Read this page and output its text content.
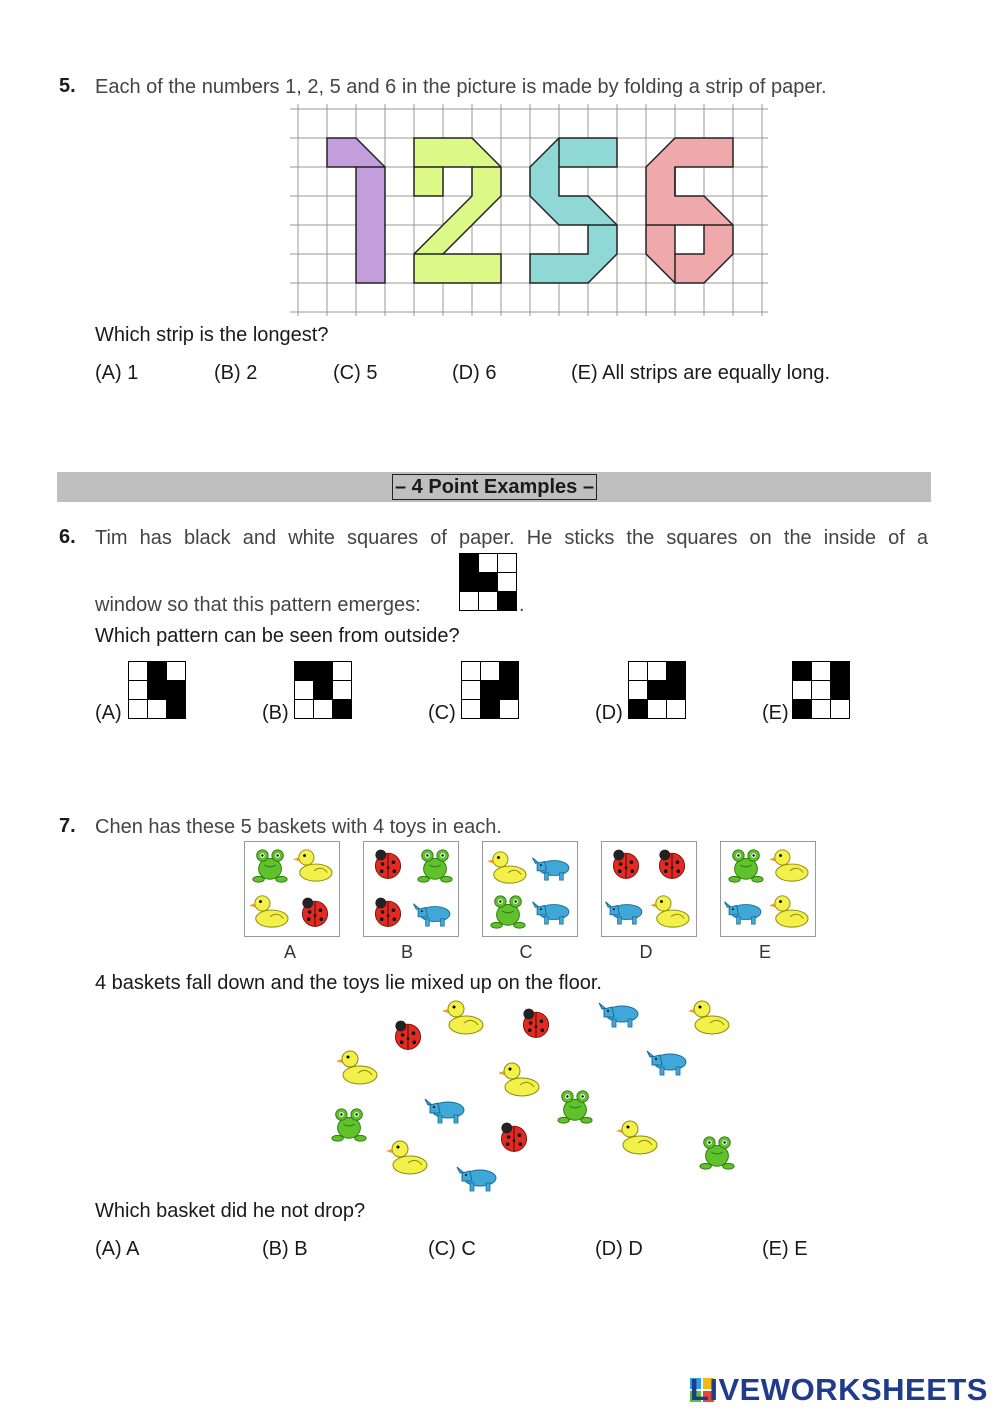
5. Each of the numbers 1, 2, 5 and 6 in the picture is made by folding a strip of paper.
Which strip is the longest?
(A) 1	(B) 2	(C) 5	(D) 6	(E) All strips are equally long.
– 4 Point Examples –
6. Tim has black and white squares of paper. He sticks the squares on the inside of a
window so that this pattern emerges:	.
Which pattern can be seen from outside?
(A)	(B)	(C)	(D)	(E)
7. Chen has these 5 baskets with 4 toys in each.
A	B	C	D	E
4 baskets fall down and the toys lie mixed up on the floor.
Which basket did he not drop?
(A) A	(B) B	(C) C	(D) D	(E) E
LIVEWORKSHEETS
